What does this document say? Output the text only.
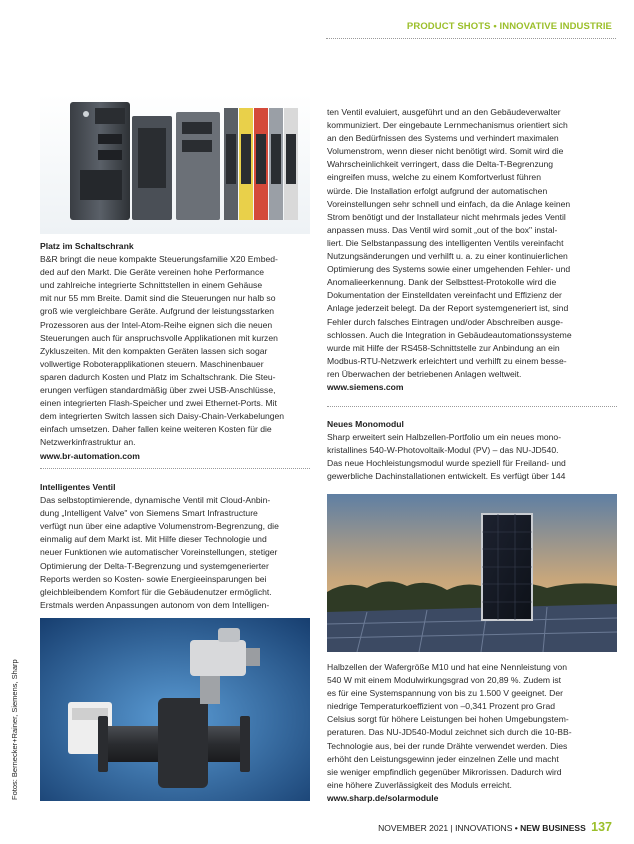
PRODUCT SHOTS • INNOVATIVE INDUSTRIE

Platz im Schaltschrank

B&R bringt die neue kompakte Steuerungsfamilie X20 Embed-

ded auf den Markt. Die Geräte vereinen hohe Performance

und zahlreiche integrierte Schnittstellen in einem Gehäuse

mit nur 55 mm Breite. Damit sind die Steuerungen nur halb so

groß wie vergleichbare Geräte. Aufgrund der leistungsstarken

Prozessoren aus der Intel-Atom-Reihe eignen sich die neuen

Steuerungen auch für anspruchsvolle Applikationen mit kurzen

Zykluszeiten. Mit den kompakten Geräten lassen sich sogar

vollwertige Roboterapplikationen steuern. Maschinenbauer

sparen dadurch Kosten und Platz im Schaltschrank. Die Steu-

erungen verfügen standardmäßig über zwei USB-Anschlüsse,

einen integrierten Flash-Speicher und zwei Ethernet-Ports. Mit

dem integrierten Switch lassen sich Daisy-Chain-Verkabelungen

einfach umsetzen. Daher fallen keine weiteren Kosten für die

Netzwerkinfrastruktur an.

www.br-automation.com

Intelligentes Ventil

Das selbstoptimierende, dynamische Ventil mit Cloud-Anbin-

dung „Intelligent Valve" von Siemens Smart Infrastructure

verfügt nun über eine adaptive Volumenstrom-Begrenzung, die

einmalig auf dem Markt ist. Mit Hilfe dieser Technologie und

neuer Funktionen wie automatischer Voreinstellungen, stetiger

Optimierung der Delta-T-Begrenzung und systemgenerierter

Reports werden so Kosten- sowie Energieeinsparungen bei

gleichbleibendem Komfort für die Gebäudenutzer ermöglicht.

Erstmals werden Anpassungen autonom von dem Intelligen-

Fotos: Bernecker+Rainer, Siemens, Sharp

ten Ventil evaluiert, ausgeführt und an den Gebäudeverwalter

kommuniziert. Der eingebaute Lernmechanismus orientiert sich

an den Bedürfnissen des Systems und verhindert maximalen

Volumenstrom, wenn dieser nicht benötigt wird. Somit wird die

Wahrscheinlichkeit verringert, dass die Delta-T-Begrenzung

eingreifen muss, welche zu einem Komfortverlust führen

würde. Die Installation erfolgt aufgrund der automatischen

Voreinstellungen sehr schnell und einfach, da die Anlage keinen

Strom benötigt und der Installateur nicht mehrmals jedes Ventil

anpassen muss. Das Ventil wird somit „out of the box" instal-

liert. Die Selbstanpassung des intelligenten Ventils vereinfacht

Nutzungsänderungen und verhilft u. a. zu einer kontinuierlichen

Optimierung des Systems sowie einer umgehenden Fehler- und

Anomalieerkennung. Dank der Selbsttest-Protokolle wird die

Dokumentation der Einstelldaten vereinfacht und Effizienz der

Anlage jederzeit belegt. Da der Report systemgeneriert ist, sind

Fehler durch falsches Eintragen und/oder Abschreiben ausge-

schlossen. Auch die Integration in Gebäudeautomationssysteme

wurde mit Hilfe der RS458-Schnittstelle zur Anbindung an ein

Modbus-RTU-Netzwerk erleichtert und verhilft zu einem besse-

ren Überwachen der betriebenen Anlagen weltweit.

www.siemens.com

Neues Monomodul

Sharp erweitert sein Halbzellen-Portfolio um ein neues mono-

kristallines 540-W-Photovoltaik-Modul (PV) – das NU-JD540.

Das neue Hochleistungsmodul wurde speziell für Freiland- und

gewerbliche Dachinstallationen entwickelt. Es verfügt über 144

Halbzellen der Wafergröße M10 und hat eine Nennleistung von

540 W mit einem Modulwirkungsgrad von 20,89 %. Zudem ist

es für eine Systemspannung von bis zu 1.500 V geeignet. Der

niedrige Temperaturkoeffizient von –0,341 Prozent pro Grad

Celsius sorgt für höhere Leistungen bei hohen Umgebungstem-

peraturen. Das NU-JD540-Modul zeichnet sich durch die 10-BB-

Technologie aus, bei der runde Drähte verwendet werden. Dies

erhöht den Leistungsgewinn jeder einzelnen Zelle und macht

sie weniger empfindlich gegenüber Mikrorissen. Dadurch wird

eine höhere Zuverlässigkeit des Moduls erreicht.

www.sharp.de/solarmodule

NOVEMBER 2021 | INNOVATIONS • NEW BUSINESS 137
